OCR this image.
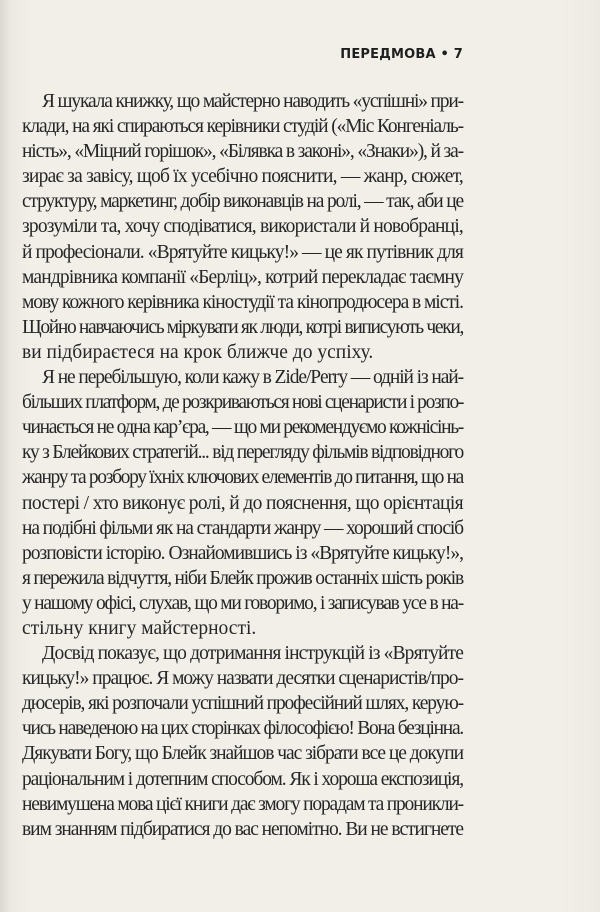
ПЕРЕДМОВА • 7
Я шукала книжку, що майстерно наводить «успішні» при-
клади, на які спираються керівники студій («Міс Конгеніаль-
ність», «Міцний горішок», «Білявка в законі», «Знаки»), й за-
зирає за завісу, щоб їх усебічно пояснити, — жанр, сюжет,
структуру, маркетинг, добір виконавців на ролі, — так, аби це
зрозуміли та, хочу сподіватися, використали й новобранці,
й професіонали. «Врятуйте кицьку!» — це як путівник для
мандрівника компанії «Берліц», котрий перекладає таємну
мову кожного керівника кіностудії та кінопродюсера в місті.
Щойно навчаючись міркувати як люди, котрі виписують чеки,
ви підбираєтеся на крок ближче до успіху.
Я не перебільшую, коли кажу в Zide/Perry — одній із най-
більших платформ, де розкриваються нові сценаристи і розпо-
чинається не одна кар’єра, — що ми рекомендуємо кожнісінь-
ку з Блейкових стратегій... від перегляду фільмів відповідного
жанру та розбору їхніх ключових елементів до питання, що на
постері / хто виконує ролі, й до пояснення, що орієнтація
на подібні фільми як на стандарти жанру — хороший спосіб
розповісти історію. Ознайомившись із «Врятуйте кицьку!»,
я пережила відчуття, ніби Блейк прожив останніх шість років
у нашому офісі, слухав, що ми говоримо, і записував усе в на-
стільну книгу майстерності.
Досвід показує, що дотримання інструкцій із «Врятуйте
кицьку!» працює. Я можу назвати десятки сценаристів/про-
дюсерів, які розпочали успішний професійний шлях, керую-
чись наведеною на цих сторінках філософією! Вона безцінна.
Дякувати Богу, що Блейк знайшов час зібрати все це докупи
раціональним і дотепним способом. Як і хороша експозиція,
невимушена мова цієї книги дає змогу порадам та проникли-
вим знанням підбиратися до вас непомітно. Ви не встигнете
